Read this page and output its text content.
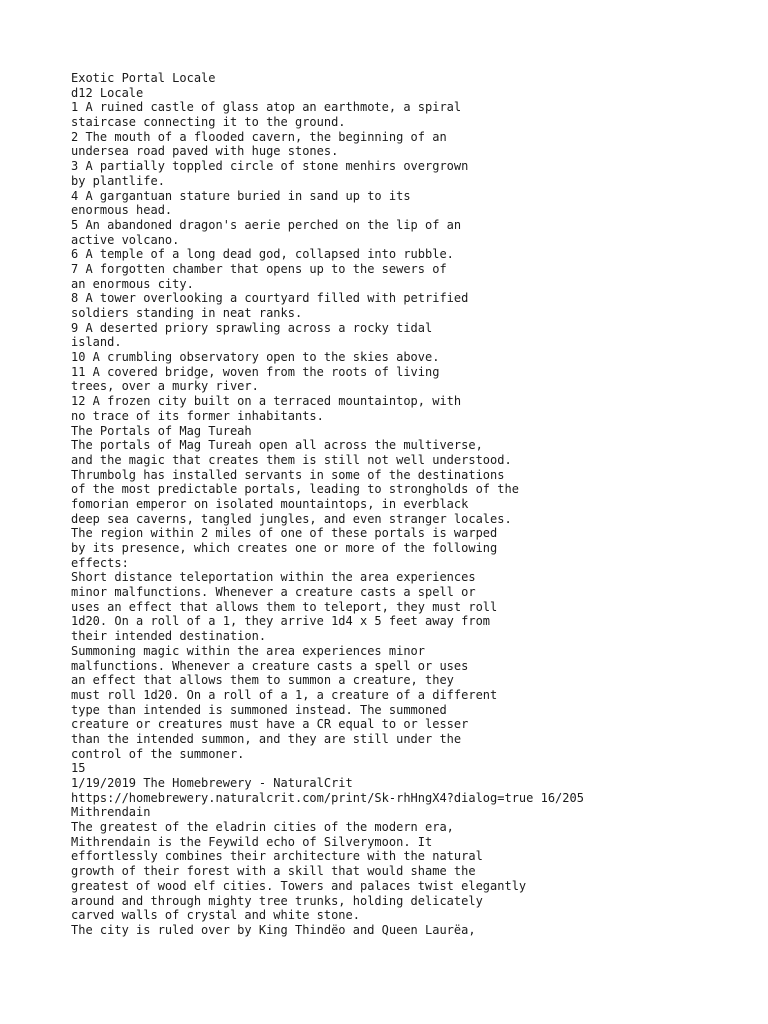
Exotic Portal Locale

d12 Locale

1 A ruined castle of glass atop an earthmote, a spiral

staircase connecting it to the ground.

2 The mouth of a flooded cavern, the beginning of an

undersea road paved with huge stones.

3 A partially toppled circle of stone menhirs overgrown

by plantlife.

4 A gargantuan stature buried in sand up to its

enormous head.

5 An abandoned dragon's aerie perched on the lip of an

active volcano.

6 A temple of a long dead god, collapsed into rubble.

7 A forgotten chamber that opens up to the sewers of

an enormous city.

8 A tower overlooking a courtyard filled with petrified

soldiers standing in neat ranks.

9 A deserted priory sprawling across a rocky tidal

island.

10 A crumbling observatory open to the skies above.

11 A covered bridge, woven from the roots of living

trees, over a murky river.

12 A frozen city built on a terraced mountaintop, with

no trace of its former inhabitants.

The Portals of Mag Tureah

The portals of Mag Tureah open all across the multiverse,

and the magic that creates them is still not well understood.

Thrumbolg has installed servants in some of the destinations

of the most predictable portals, leading to strongholds of the

fomorian emperor on isolated mountaintops, in everblack

deep sea caverns, tangled jungles, and even stranger locales.

The region within 2 miles of one of these portals is warped

by its presence, which creates one or more of the following

effects:

Short distance teleportation within the area experiences

minor malfunctions. Whenever a creature casts a spell or

uses an effect that allows them to teleport, they must roll

1d20. On a roll of a 1, they arrive 1d4 x 5 feet away from

their intended destination.

Summoning magic within the area experiences minor

malfunctions. Whenever a creature casts a spell or uses

an effect that allows them to summon a creature, they

must roll 1d20. On a roll of a 1, a creature of a different

type than intended is summoned instead. The summoned

creature or creatures must have a CR equal to or lesser

than the intended summon, and they are still under the

control of the summoner.

15

1/19/2019 The Homebrewery - NaturalCrit

https://homebrewery.naturalcrit.com/print/Sk-rhHngX4?dialog=true 16/205

Mithrendain

The greatest of the eladrin cities of the modern era,

Mithrendain is the Feywild echo of Silverymoon. It

effortlessly combines their architecture with the natural

growth of their forest with a skill that would shame the

greatest of wood elf cities. Towers and palaces twist elegantly

around and through mighty tree trunks, holding delicately

carved walls of crystal and white stone.

The city is ruled over by King Thindëo and Queen Laurëa,
